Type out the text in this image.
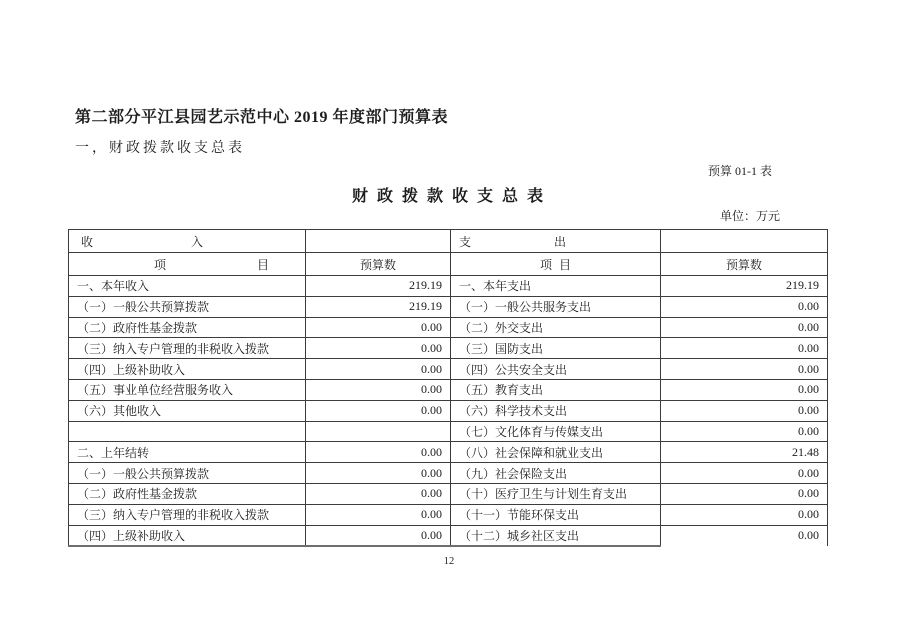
第二部分平江县园艺示范中心 2019 年度部门预算表
一，财政拨款收支总表
预算 01-1 表
财政拨款收支总表
单位：万元
收 入		支 出	

项 目	预算数	项 目	预算数
一、本年收入	219.19	一、本年支出	219.19
（一）一般公共预算拨款	219.19	（一）一般公共服务支出	0.00
（二）政府性基金拨款	0.00	（二）外交支出	0.00
（三）纳入专户管理的非税收入拨款	0.00	（三）国防支出	0.00
（四）上级补助收入	0.00	（四）公共安全支出	0.00
（五）事业单位经营服务收入	0.00	（五）教育支出	0.00
（六）其他收入	0.00	（六）科学技术支出	0.00
		（七）文化体育与传媒支出	0.00
二、上年结转	0.00	（八）社会保障和就业支出	21.48
（一）一般公共预算拨款	0.00	（九）社会保险支出	0.00
（二）政府性基金拨款	0.00	（十）医疗卫生与计划生育支出	0.00
（三）纳入专户管理的非税收入拨款	0.00	（十一）节能环保支出	0.00
（四）上级补助收入	0.00	（十二）城乡社区支出	0.00
12
